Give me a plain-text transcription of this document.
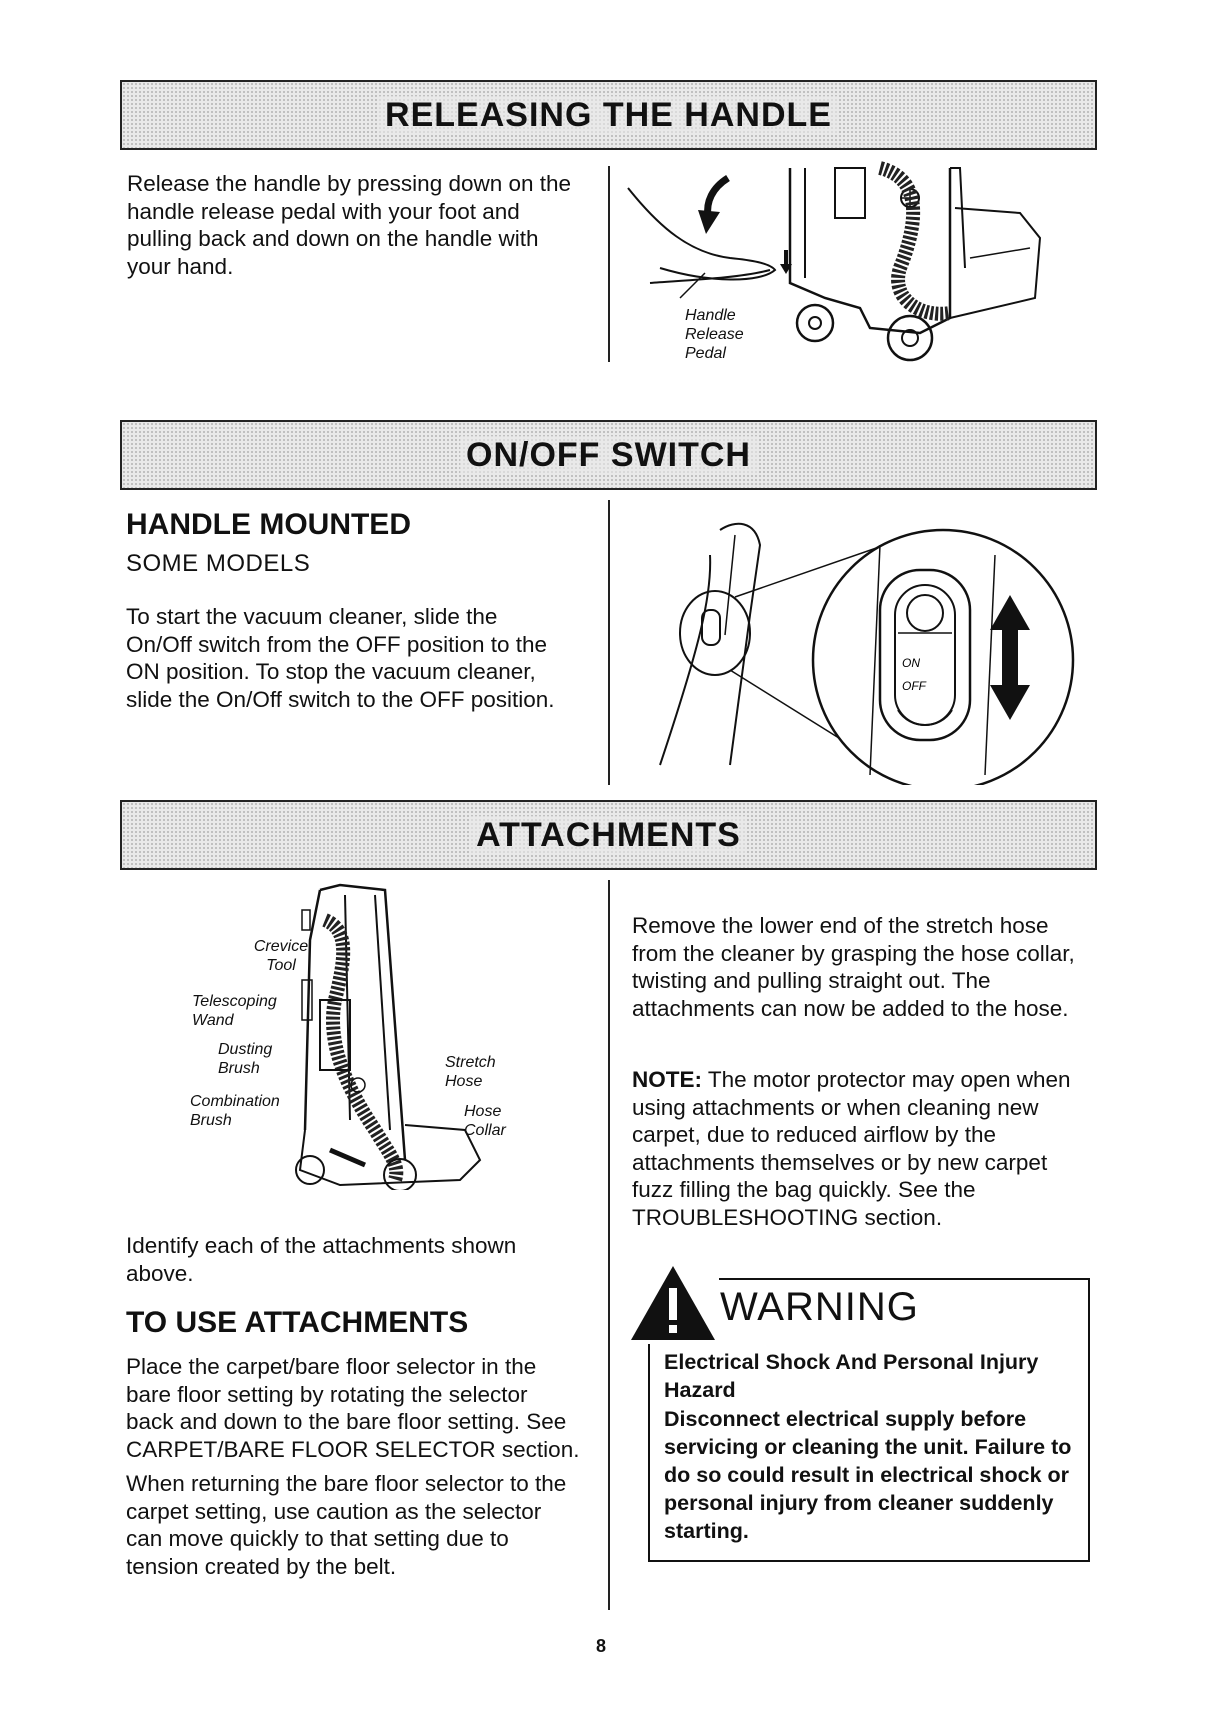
RELEASING THE HANDLE

Release the handle by pressing down on the handle release pedal with your foot and pulling back and down on the handle with your hand.

Handle Release Pedal
ON/OFF SWITCH
HANDLE MOUNTED

SOME MODELS

To start the vacuum cleaner, slide the On/Off switch from the OFF position to the ON position. To stop the vacuum cleaner, slide the On/Off switch to the OFF position.

ON
OFF
ATTACHMENTS
Crevice Tool
Telescoping Wand
Dusting Brush
Combination Brush
Stretch Hose
Hose Collar

Identify each of the attachments shown above.

TO USE ATTACHMENTS

Place the carpet/bare floor selector in the bare floor setting by rotating the selector back and down to the bare floor setting. See CARPET/BARE FLOOR SELECTOR section.

When returning the bare floor selector to the carpet setting, use caution as the selector can move quickly to that setting due to tension created by the belt.

Remove the lower end of the stretch hose from the cleaner by grasping the hose collar, twisting and pulling straight out. The attachments can now be added to the hose.

NOTE: The motor protector may open when using attachments or when cleaning new carpet, due to reduced airflow by the attachments themselves or by new carpet fuzz filling the bag quickly. See the TROUBLESHOOTING section.

WARNING

Electrical Shock And Personal Injury Hazard

Disconnect electrical supply before servicing or cleaning the unit. Failure to do so could result in electrical shock or personal injury from cleaner suddenly starting.

8
